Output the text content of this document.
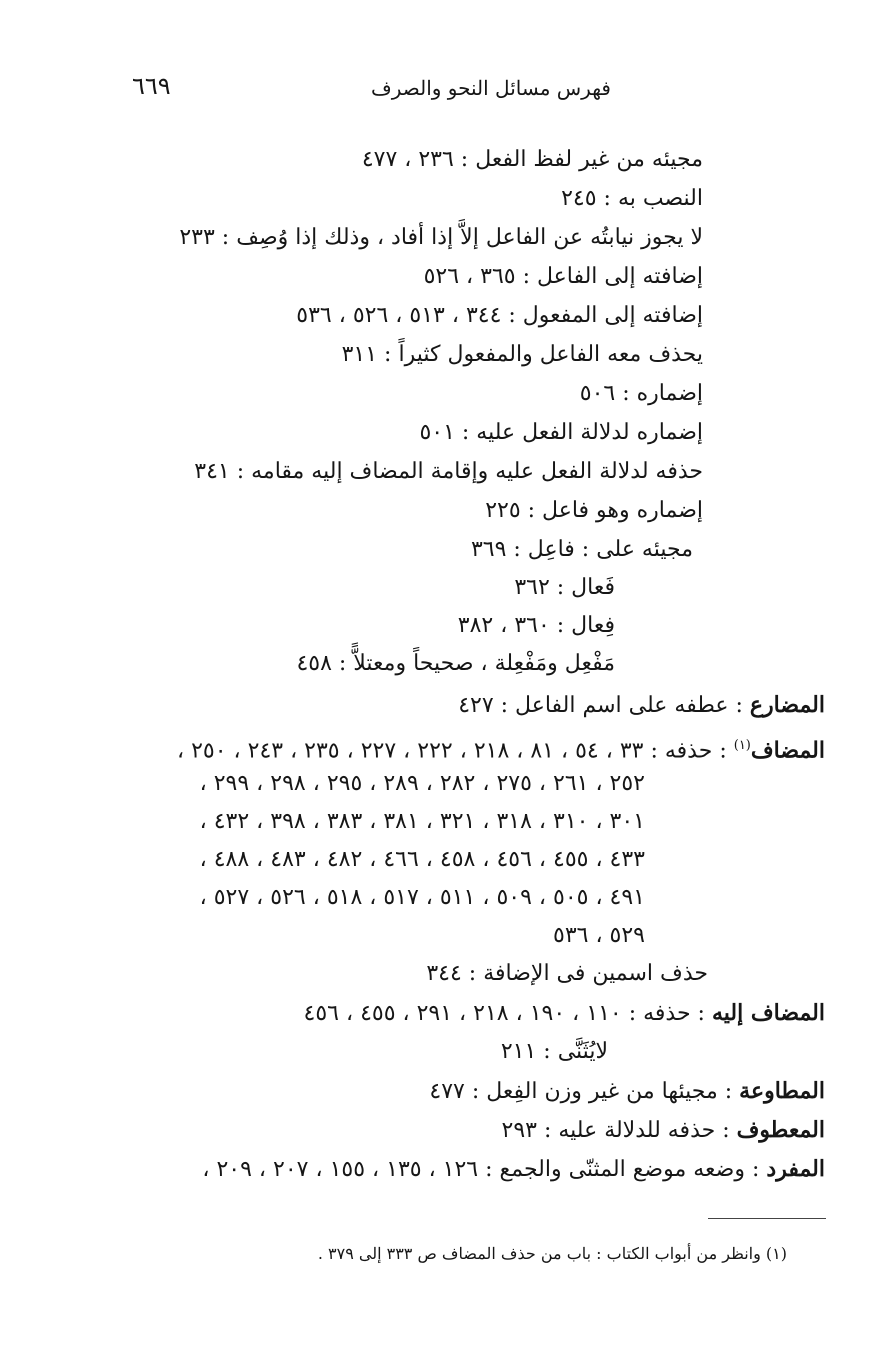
٦٦٩	فهرس مسائل النحو والصرف
مجيئه من غير لفظ الفعل : ٢٣٦ ، ٤٧٧
النصب به : ٢٤٥
لا يجوز نيابتُه عن الفاعل إلاَّ إذا أفاد ، وذلك إذا وُصِف : ٢٣٣
إضافته إلى الفاعل : ٣٦٥ ، ٥٢٦
إضافته إلى المفعول : ٣٤٤ ، ٥١٣ ، ٥٢٦ ، ٥٣٦
يحذف معه الفاعل والمفعول كثيراً : ٣١١
إضماره : ٥٠٦
إضماره لدلالة الفعل عليه : ٥٠١
حذفه لدلالة الفعل عليه وإقامة المضاف إليه مقامه : ٣٤١
إضماره وهو فاعل : ٢٢٥
مجيئه على : فاعِل : ٣٦٩
فَعال : ٣٦٢
فِعال : ٣٦٠ ، ٣٨٢
مَفْعِل ومَفْعِلة ، صحيحاً ومعتلاًّ : ٤٥٨
المضارع : عطفه على اسم الفاعل : ٤٢٧
المضاف$^{(١)}$ : حذفه : ٣٣ ، ٥٤ ، ٨١ ، ٢١٨ ، ٢٢٢ ، ٢٢٧ ، ٢٣٥ ، ٢٤٣ ، ٢٥٠ ،
٢٥٢ ، ٢٦١ ، ٢٧٥ ، ٢٨٢ ، ٢٨٩ ، ٢٩٥ ، ٢٩٨ ، ٢٩٩ ،
٣٠١ ، ٣١٠ ، ٣١٨ ، ٣٢١ ، ٣٨١ ، ٣٨٣ ، ٣٩٨ ، ٤٣٢ ،
٤٣٣ ، ٤٥٥ ، ٤٥٦ ، ٤٥٨ ، ٤٦٦ ، ٤٨٢ ، ٤٨٣ ، ٤٨٨ ،
٤٩١ ، ٥٠٥ ، ٥٠٩ ، ٥١١ ، ٥١٧ ، ٥١٨ ، ٥٢٦ ، ٥٢٧ ،
٥٢٩ ، ٥٣٦
حذف اسمين فى الإضافة : ٣٤٤
المضاف إليه : حذفه : ١١٠ ، ١٩٠ ، ٢١٨ ، ٢٩١ ، ٤٥٥ ، ٤٥٦
لايُثَنَّى : ٢١١
المطاوعة : مجيئها من غير وزن الفِعل : ٤٧٧
المعطوف : حذفه للدلالة عليه : ٢٩٣
المفرد : وضعه موضع المثنّى والجمع : ١٢٦ ، ١٣٥ ، ١٥٥ ، ٢٠٧ ، ٢٠٩ ،
(١) وانظر من أبواب الكتاب : باب من حذف المضاف ص ٣٣٣ إلى ٣٧٩ .
